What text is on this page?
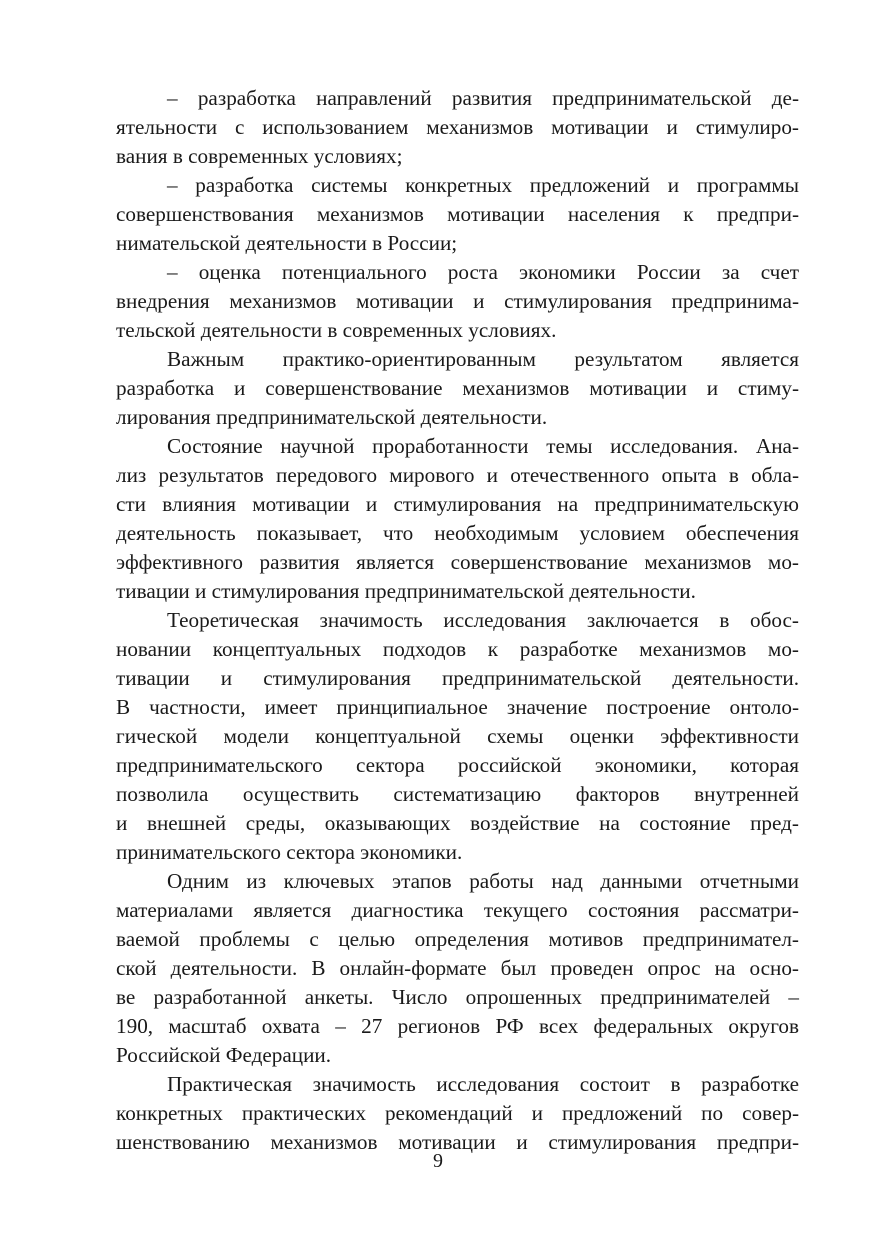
– разработка направлений развития предпринимательской де-
ятельности с использованием механизмов мотивации и стимулиро-
вания в современных условиях;
– разработка системы конкретных предложений и программы
совершенствования механизмов мотивации населения к предпри-
нимательской деятельности в России;
– оценка потенциального роста экономики России за счет
внедрения механизмов мотивации и стимулирования предпринима-
тельской деятельности в современных условиях.
Важным практико-ориентированным результатом является
разработка и совершенствование механизмов мотивации и стиму-
лирования предпринимательской деятельности.
Состояние научной проработанности темы исследования. Ана-
лиз результатов передового мирового и отечественного опыта в обла-
сти влияния мотивации и стимулирования на предпринимательскую
деятельность показывает, что необходимым условием обеспечения
эффективного развития является совершенствование механизмов мо-
тивации и стимулирования предпринимательской деятельности.
Теоретическая значимость исследования заключается в обос-
новании концептуальных подходов к разработке механизмов мо-
тивации и стимулирования предпринимательской деятельности.
В частности, имеет принципиальное значение построение онтоло-
гической модели концептуальной схемы оценки эффективности
предпринимательского сектора российской экономики, которая
позволила осуществить систематизацию факторов внутренней
и внешней среды, оказывающих воздействие на состояние пред-
принимательского сектора экономики.
Одним из ключевых этапов работы над данными отчетными
материалами является диагностика текущего состояния рассматри-
ваемой проблемы с целью определения мотивов предпринимател-
ской деятельности. В онлайн-формате был проведен опрос на осно-
ве разработанной анкеты. Число опрошенных предпринимателей –
190, масштаб охвата – 27 регионов РФ всех федеральных округов
Российской Федерации.
Практическая значимость исследования состоит в разработке
конкретных практических рекомендаций и предложений по совер-
шенствованию механизмов мотивации и стимулирования предпри-
9
